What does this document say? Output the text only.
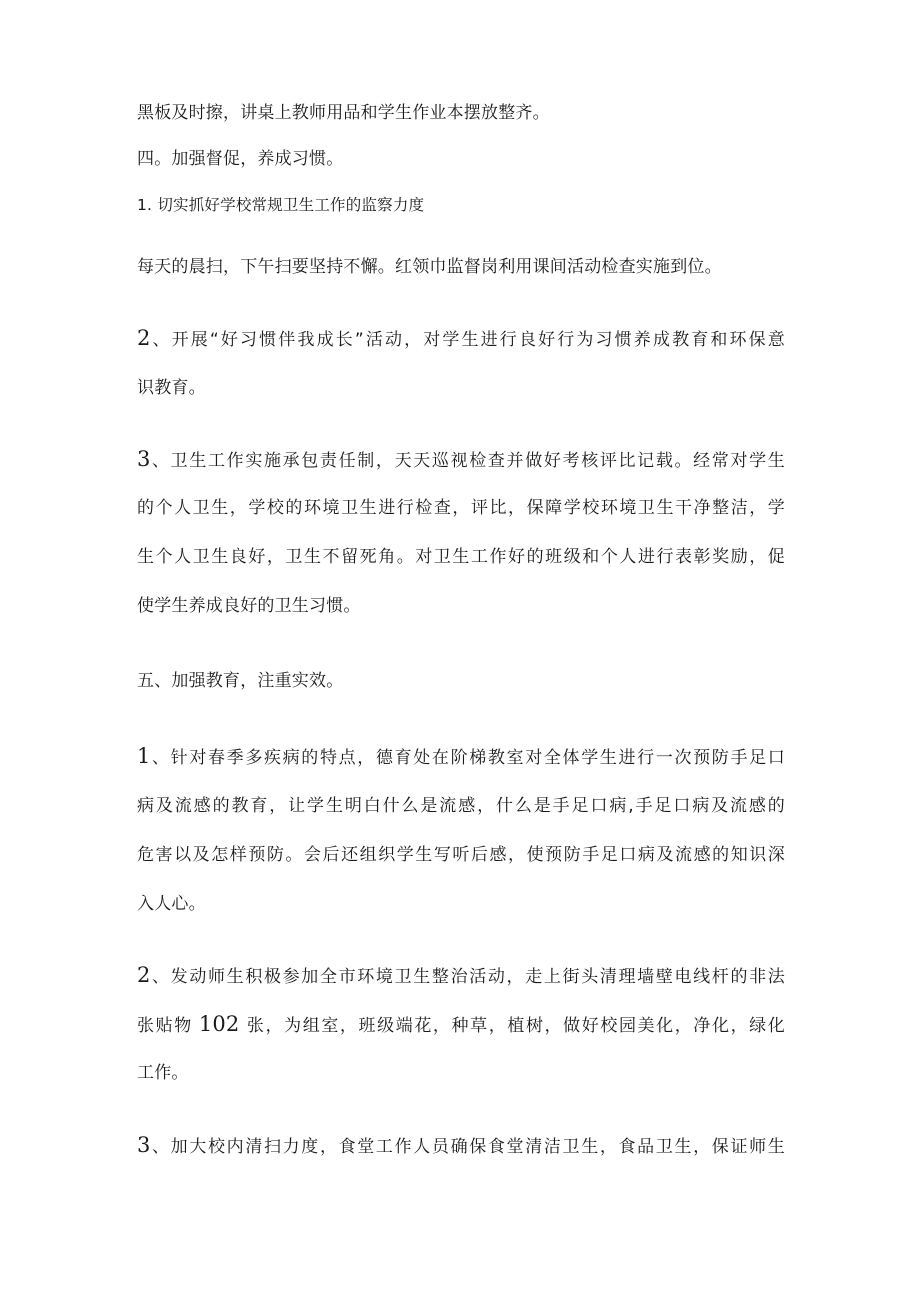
黑板及时擦，讲桌上教师用品和学生作业本摆放整齐。
四。加强督促，养成习惯。
1. 切实抓好学校常规卫生工作的监察力度
每天的晨扫，下午扫要坚持不懈。红领巾监督岗利用课间活动检查实施到位。
2、开展“好习惯伴我成长”活动，对学生进行良好行为习惯养成教育和环保意
识教育。
3、卫生工作实施承包责任制，天天巡视检查并做好考核评比记载。经常对学生
的个人卫生，学校的环境卫生进行检查，评比，保障学校环境卫生干净整洁，学
生个人卫生良好，卫生不留死角。对卫生工作好的班级和个人进行表彰奖励，促
使学生养成良好的卫生习惯。
五、加强教育，注重实效。
1、针对春季多疾病的特点，德育处在阶梯教室对全体学生进行一次预防手足口
病及流感的教育，让学生明白什么是流感，什么是手足口病,手足口病及流感的
危害以及怎样预防。会后还组织学生写听后感，使预防手足口病及流感的知识深
入人心。
2、发动师生积极参加全市环境卫生整治活动，走上街头清理墙壁电线杆的非法
张贴物 102 张，为组室，班级端花，种草，植树，做好校园美化，净化，绿化
工作。
3、加大校内清扫力度，食堂工作人员确保食堂清洁卫生，食品卫生，保证师生
